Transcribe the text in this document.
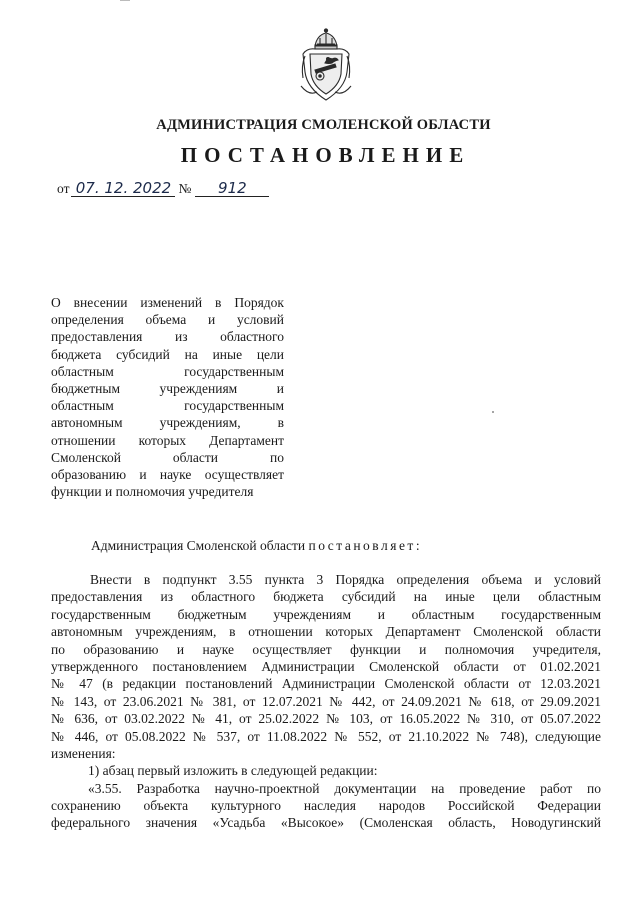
АДМИНИСТРАЦИЯ СМОЛЕНСКОЙ ОБЛАСТИ
ПОСТАНОВЛЕНИЕ
от 07. 12. 2022 № 912
О внесении изменений в Порядок
определения объема и условий
предоставления из областного
бюджета субсидий на иные цели
областным государственным
бюджетным учреждениям и
областным государственным
автономным учреждениям, в
отношении которых Департамент
Смоленской области по
образованию и науке осуществляет
функции и полномочия учредителя
Администрация Смоленской области постановляет:
Внести в подпункт 3.55 пункта 3 Порядка определения объема и условий
предоставления из областного бюджета субсидий на иные цели областным
государственным бюджетным учреждениям и областным государственным
автономным учреждениям, в отношении которых Департамент Смоленской области
по образованию и науке осуществляет функции и полномочия учредителя,
утвержденного постановлением Администрации Смоленской области от 01.02.2021
№ 47 (в редакции постановлений Администрации Смоленской области от 12.03.2021
№ 143, от 23.06.2021 № 381, от 12.07.2021 № 442, от 24.09.2021 № 618, от 29.09.2021
№ 636, от 03.02.2022 № 41, от 25.02.2022 № 103, от 16.05.2022 № 310, от 05.07.2022
№ 446, от 05.08.2022 № 537, от 11.08.2022 № 552, от 21.10.2022 № 748), следующие
изменения:
1) абзац первый изложить в следующей редакции:
«3.55. Разработка научно-проектной документации на проведение работ по
сохранению объекта культурного наследия народов Российской Федерации
федерального значения «Усадьба «Высокое» (Смоленская область, Новодугинский
